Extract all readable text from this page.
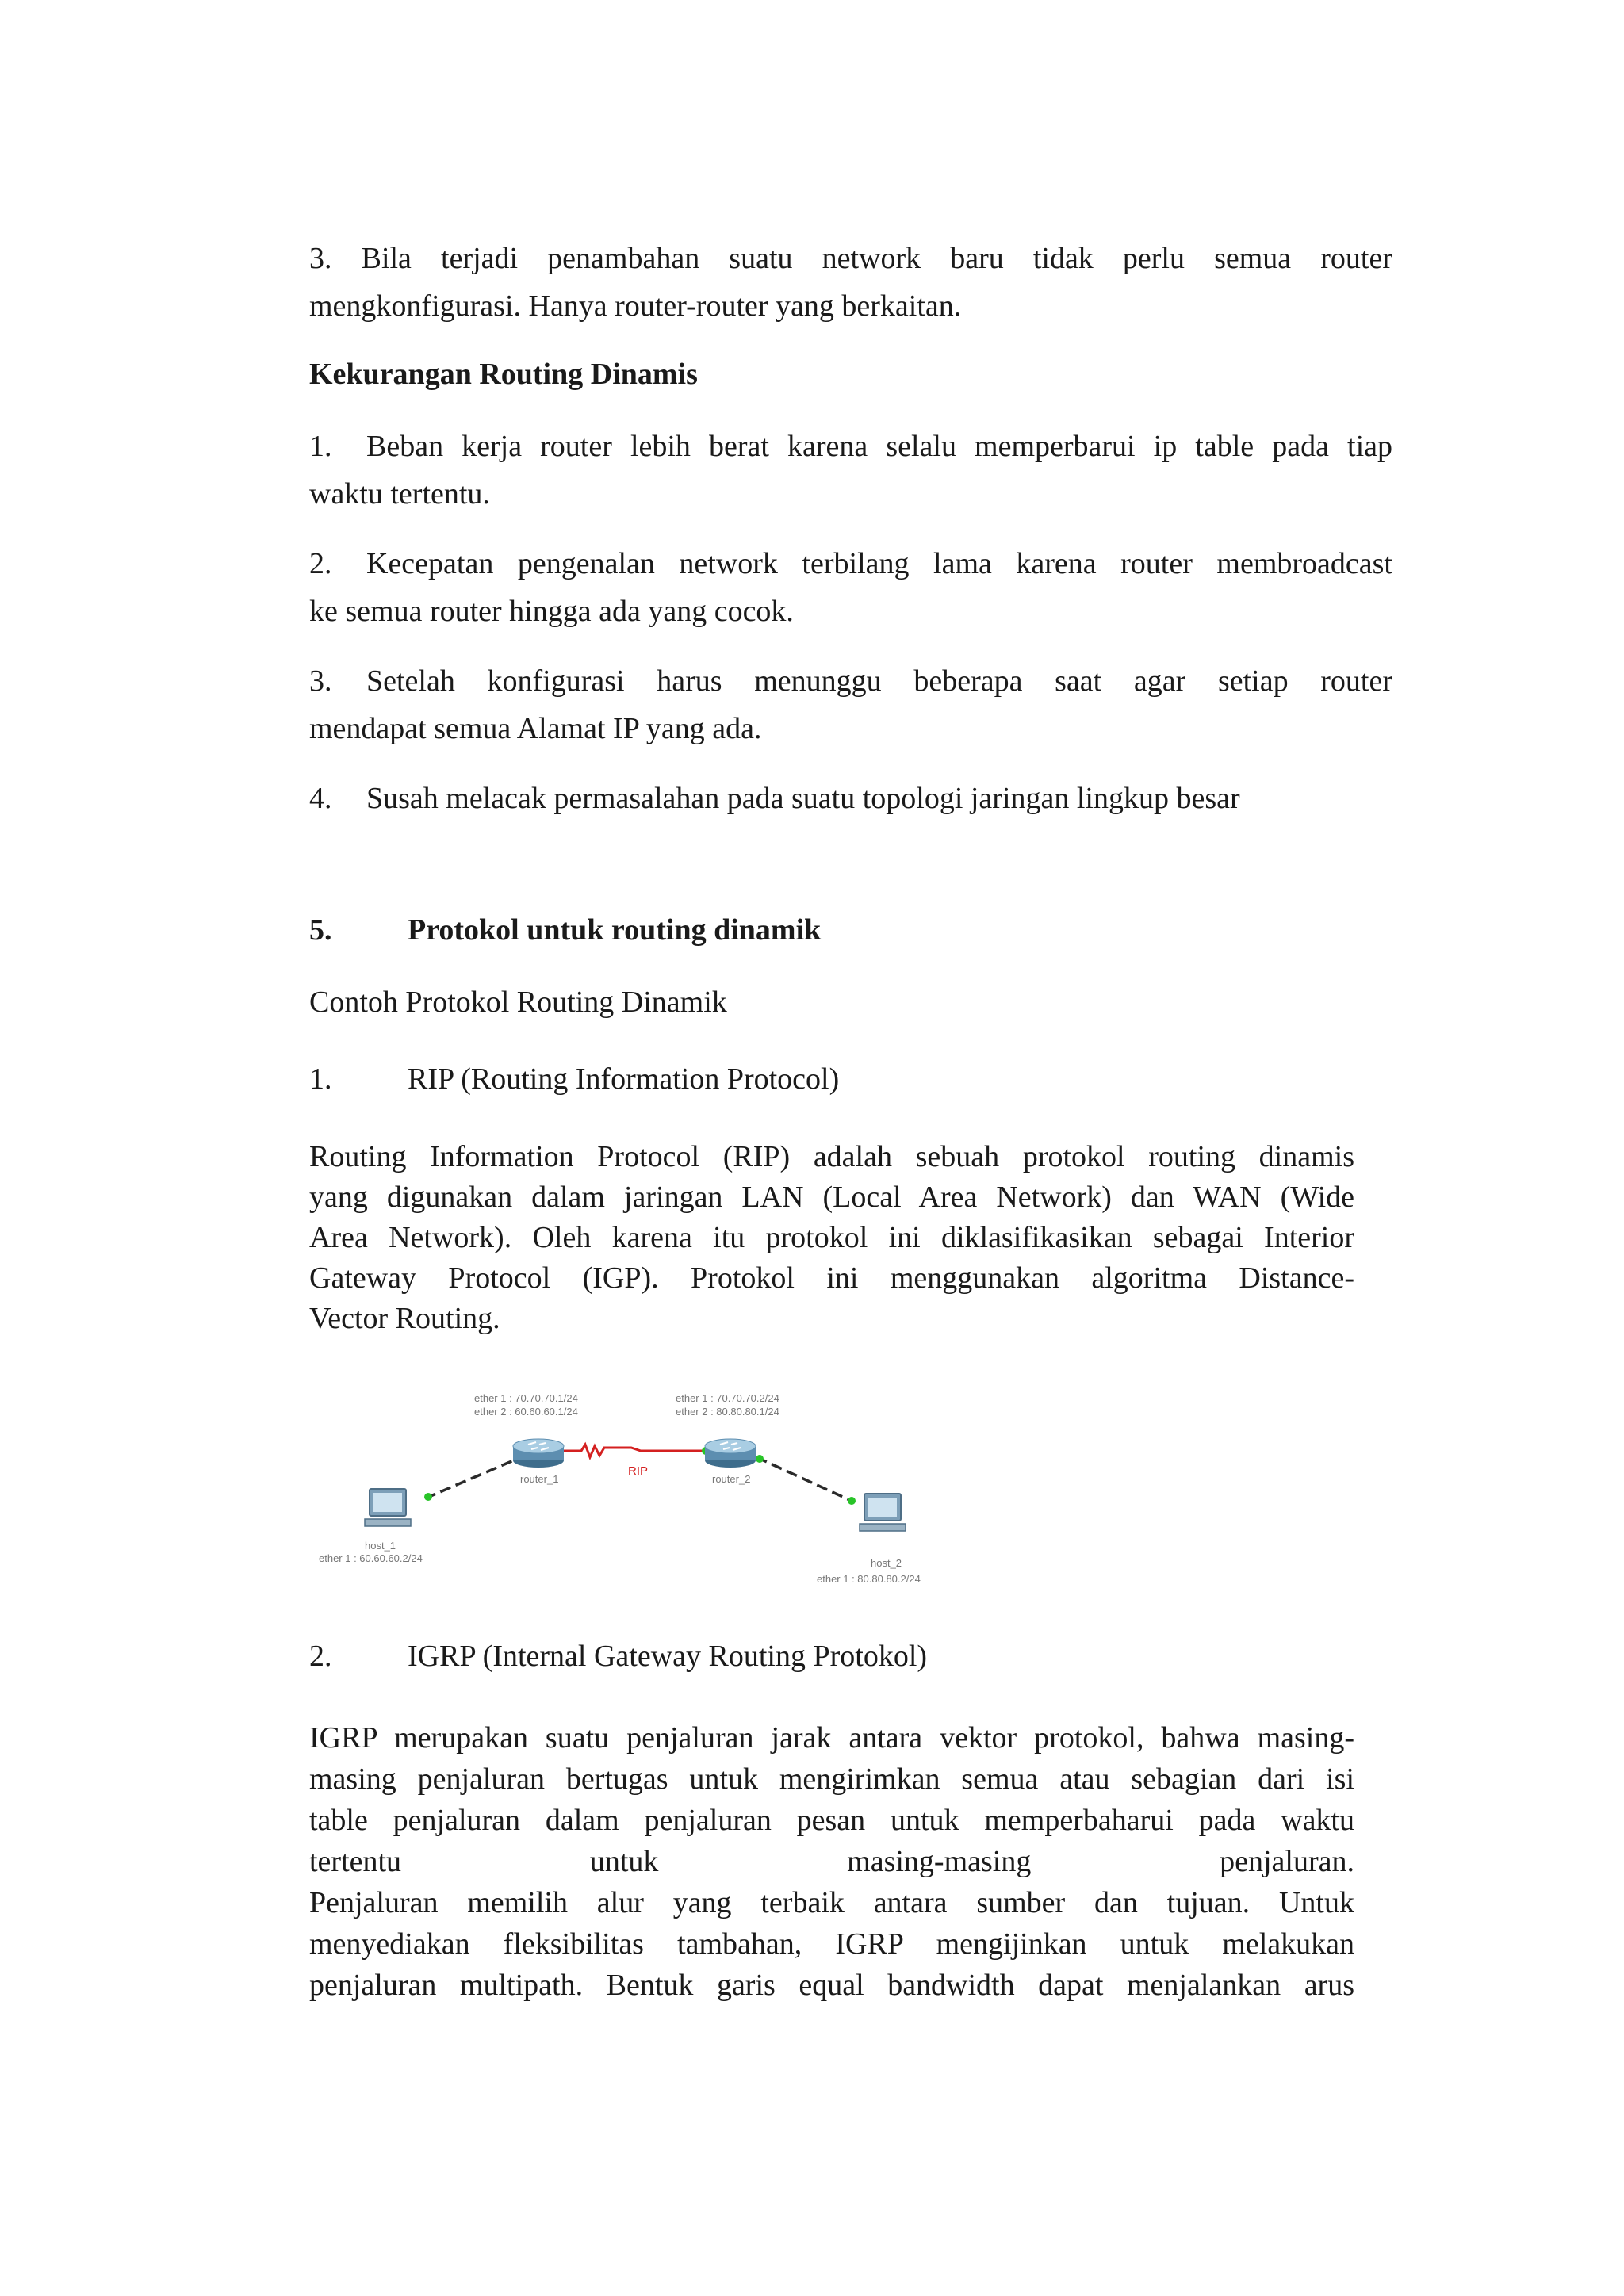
3. Bila terjadi penambahan suatu network baru tidak perlu semua router
mengkonfigurasi. Hanya router-router yang berkaitan.

Kekurangan Routing Dinamis

1. Beban kerja router lebih berat karena selalu memperbarui ip table pada tiap
waktu tertentu.

2. Kecepatan pengenalan network terbilang lama karena router membroadcast
ke semua router hingga ada yang cocok.

3. Setelah konfigurasi harus menunggu beberapa saat agar setiap router
mendapat semua Alamat IP yang ada.

4. Susah melacak permasalahan pada suatu topologi jaringan lingkup besar

5.	Protokol untuk routing dinamik

Contoh Protokol Routing Dinamik

1.	RIP (Routing Information Protocol)

Routing Information Protocol (RIP) adalah sebuah protokol routing dinamis
yang digunakan dalam jaringan LAN (Local Area Network) dan WAN (Wide
Area Network). Oleh karena itu protokol ini diklasifikasikan sebagai Interior
Gateway Protocol (IGP). Protokol ini menggunakan algoritma Distance-
Vector Routing.

ether 1 : 70.70.70.1/24
ether 2 : 60.60.60.1/24
router_1
ether 1 : 70.70.70.2/24
ether 2 : 80.80.80.1/24
router_2
RIP
host_1
ether 1 : 60.60.60.2/24	host_2
ether 1 : 80.80.80.2/24

2.	IGRP (Internal Gateway Routing Protokol)

IGRP merupakan suatu penjaluran jarak antara vektor protokol, bahwa masing-
masing penjaluran bertugas untuk mengirimkan semua atau sebagian dari isi
table penjaluran dalam penjaluran pesan untuk memperbaharui pada waktu
tertentu untuk masing-masing penjaluran.
Penjaluran memilih alur yang terbaik antara sumber dan tujuan. Untuk
menyediakan fleksibilitas tambahan, IGRP mengijinkan untuk melakukan
penjaluran multipath. Bentuk garis equal bandwidth dapat menjalankan arus
